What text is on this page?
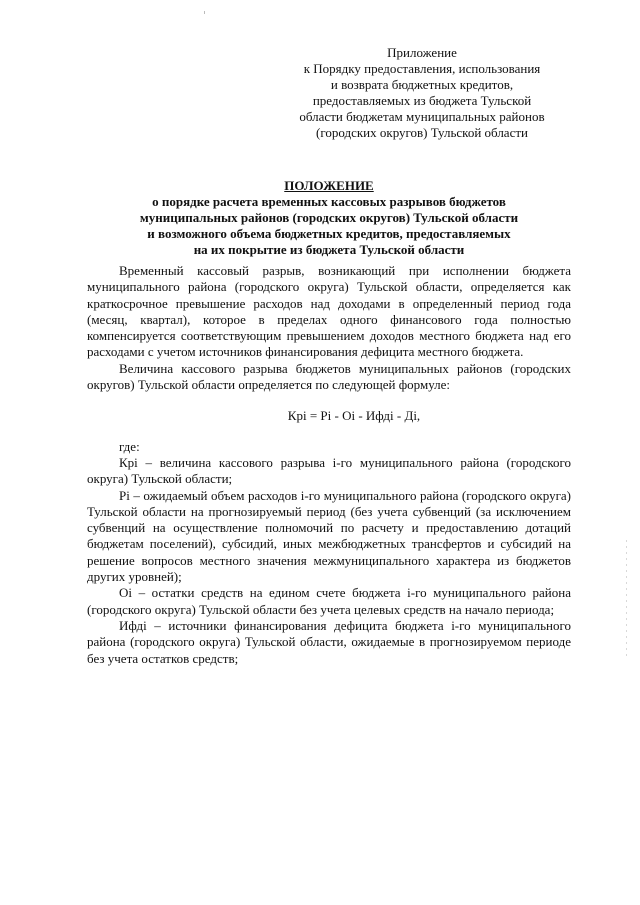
Приложение
к Порядку предоставления, использования
и возврата бюджетных кредитов,
предоставляемых из бюджета Тульской
области бюджетам муниципальных районов
(городских округов) Тульской области
ПОЛОЖЕНИЕ
о порядке расчета временных кассовых разрывов бюджетов
муниципальных районов (городских округов) Тульской области
и возможного объема бюджетных кредитов, предоставляемых
на их покрытие из бюджета Тульской области

Временный кассовый разрыв, возникающий при исполнении бюджета муниципального района (городского округа) Тульской области, определяется как краткосрочное превышение расходов над доходами в определенный период года (месяц, квартал), которое в пределах одного финансового года полностью компенсируется соответствующим превышением доходов местного бюджета над его расходами с учетом источников финансирования дефицита местного бюджета.

Величина кассового разрыва бюджетов муниципальных районов (городских округов) Тульской области определяется по следующей формуле:

Крi = Рi - Оi - Ифдi - Дi,
где:

Крi – величина кассового разрыва i-го муниципального района (городского округа) Тульской области;

Рi – ожидаемый объем расходов i-го муниципального района (городского округа) Тульской области на прогнозируемый период (без учета субвенций (за исключением субвенций на осуществление полномочий по расчету и предоставлению дотаций бюджетам поселений), субсидий, иных межбюджетных трансфертов и субсидий на решение вопросов местного значения межмуниципального характера из бюджетов других уровней);

Оi – остатки средств на едином счете бюджета i-го муниципального района (городского округа) Тульской области без учета целевых средств на начало периода;

Ифдi – источники финансирования дефицита бюджета i-го муниципального района (городского округа) Тульской области, ожидаемые в прогнозируемом периоде без учета остатков средств;
